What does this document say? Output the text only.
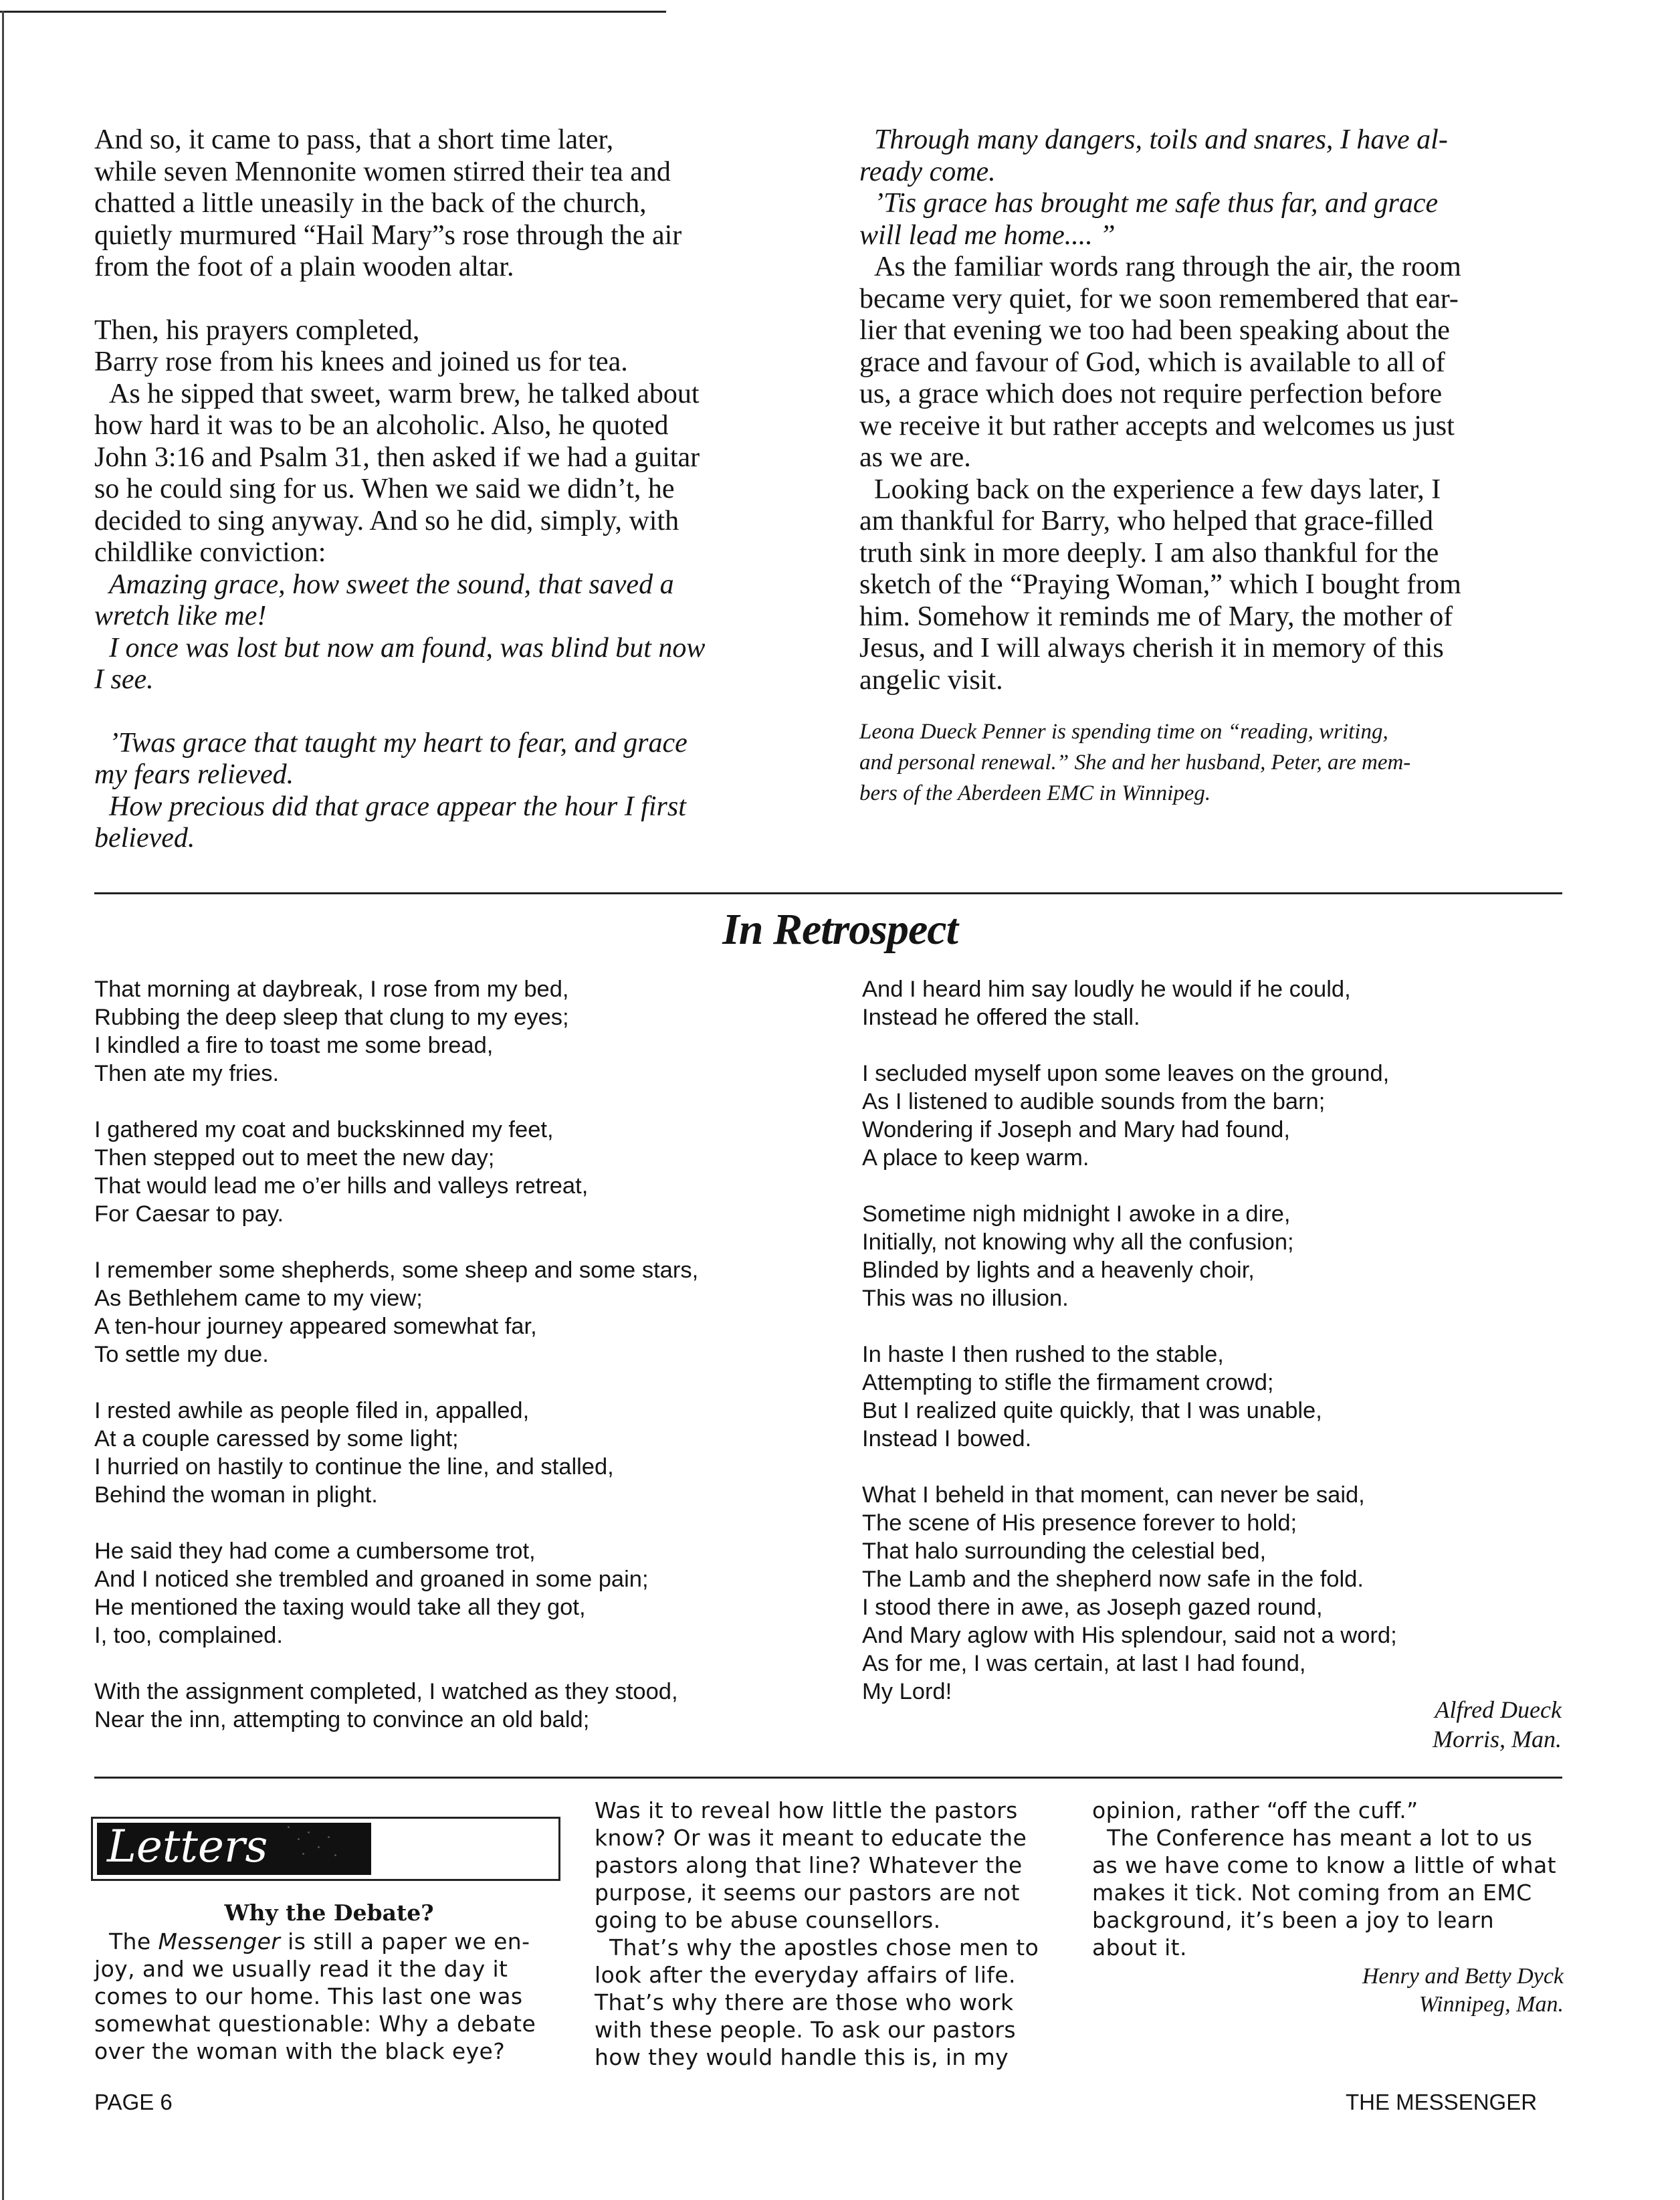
And so, it came to pass, that a short time later,

while seven Mennonite women stirred their tea and

chatted a little uneasily in the back of the church,

quietly murmured “Hail Mary”s rose through the air

from the foot of a plain wooden altar.

Then, his prayers completed,

Barry rose from his knees and joined us for tea.

As he sipped that sweet, warm brew, he talked about

how hard it was to be an alcoholic. Also, he quoted

John 3:16 and Psalm 31, then asked if we had a guitar

so he could sing for us. When we said we didn’t, he

decided to sing anyway. And so he did, simply, with

childlike conviction:

Amazing grace, how sweet the sound, that saved a

wretch like me!

I once was lost but now am found, was blind but now

I see.

’Twas grace that taught my heart to fear, and grace

my fears relieved.

How precious did that grace appear the hour I first

believed.

Through many dangers, toils and snares, I have al-

ready come.

’Tis grace has brought me safe thus far, and grace

will lead me home.... ”

As the familiar words rang through the air, the room

became very quiet, for we soon remembered that ear-

lier that evening we too had been speaking about the

grace and favour of God, which is available to all of

us, a grace which does not require perfection before

we receive it but rather accepts and welcomes us just

as we are.

Looking back on the experience a few days later, I

am thankful for Barry, who helped that grace-filled

truth sink in more deeply. I am also thankful for the

sketch of the “Praying Woman,” which I bought from

him. Somehow it reminds me of Mary, the mother of

Jesus, and I will always cherish it in memory of this

angelic visit.

Leona Dueck Penner is spending time on “reading, writing,

and personal renewal.” She and her husband, Peter, are mem-

bers of the Aberdeen EMC in Winnipeg.

In Retrospect

That morning at daybreak, I rose from my bed,

Rubbing the deep sleep that clung to my eyes;

I kindled a fire to toast me some bread,

Then ate my fries.

I gathered my coat and buckskinned my feet,

Then stepped out to meet the new day;

That would lead me o’er hills and valleys retreat,

For Caesar to pay.

I remember some shepherds, some sheep and some stars,

As Bethlehem came to my view;

A ten-hour journey appeared somewhat far,

To settle my due.

I rested awhile as people filed in, appalled,

At a couple caressed by some light;

I hurried on hastily to continue the line, and stalled,

Behind the woman in plight.

He said they had come a cumbersome trot,

And I noticed she trembled and groaned in some pain;

He mentioned the taxing would take all they got,

I, too, complained.

With the assignment completed, I watched as they stood,

Near the inn, attempting to convince an old bald;

And I heard him say loudly he would if he could,

Instead he offered the stall.

I secluded myself upon some leaves on the ground,

As I listened to audible sounds from the barn;

Wondering if Joseph and Mary had found,

A place to keep warm.

Sometime nigh midnight I awoke in a dire,

Initially, not knowing why all the confusion;

Blinded by lights and a heavenly choir,

This was no illusion.

In haste I then rushed to the stable,

Attempting to stifle the firmament crowd;

But I realized quite quickly, that I was unable,

Instead I bowed.

What I beheld in that moment, can never be said,

The scene of His presence forever to hold;

That halo surrounding the celestial bed,

The Lamb and the shepherd now safe in the fold.

I stood there in awe, as Joseph gazed round,

And Mary aglow with His splendour, said not a word;

As for me, I was certain, at last I had found,

My Lord!

Alfred Dueck
Morris, Man.
Letters

Why the Debate?

The Messenger is still a paper we en-

joy, and we usually read it the day it

comes to our home. This last one was

somewhat questionable: Why a debate

over the woman with the black eye?

Was it to reveal how little the pastors

know? Or was it meant to educate the

pastors along that line? Whatever the

purpose, it seems our pastors are not

going to be abuse counsellors.

That’s why the apostles chose men to

look after the everyday affairs of life.

That’s why there are those who work

with these people. To ask our pastors

how they would handle this is, in my

opinion, rather “off the cuff.”

The Conference has meant a lot to us

as we have come to know a little of what

makes it tick. Not coming from an EMC

background, it’s been a joy to learn

about it.

Henry and Betty Dyck
Winnipeg, Man.
PAGE 6	THE MESSENGER
